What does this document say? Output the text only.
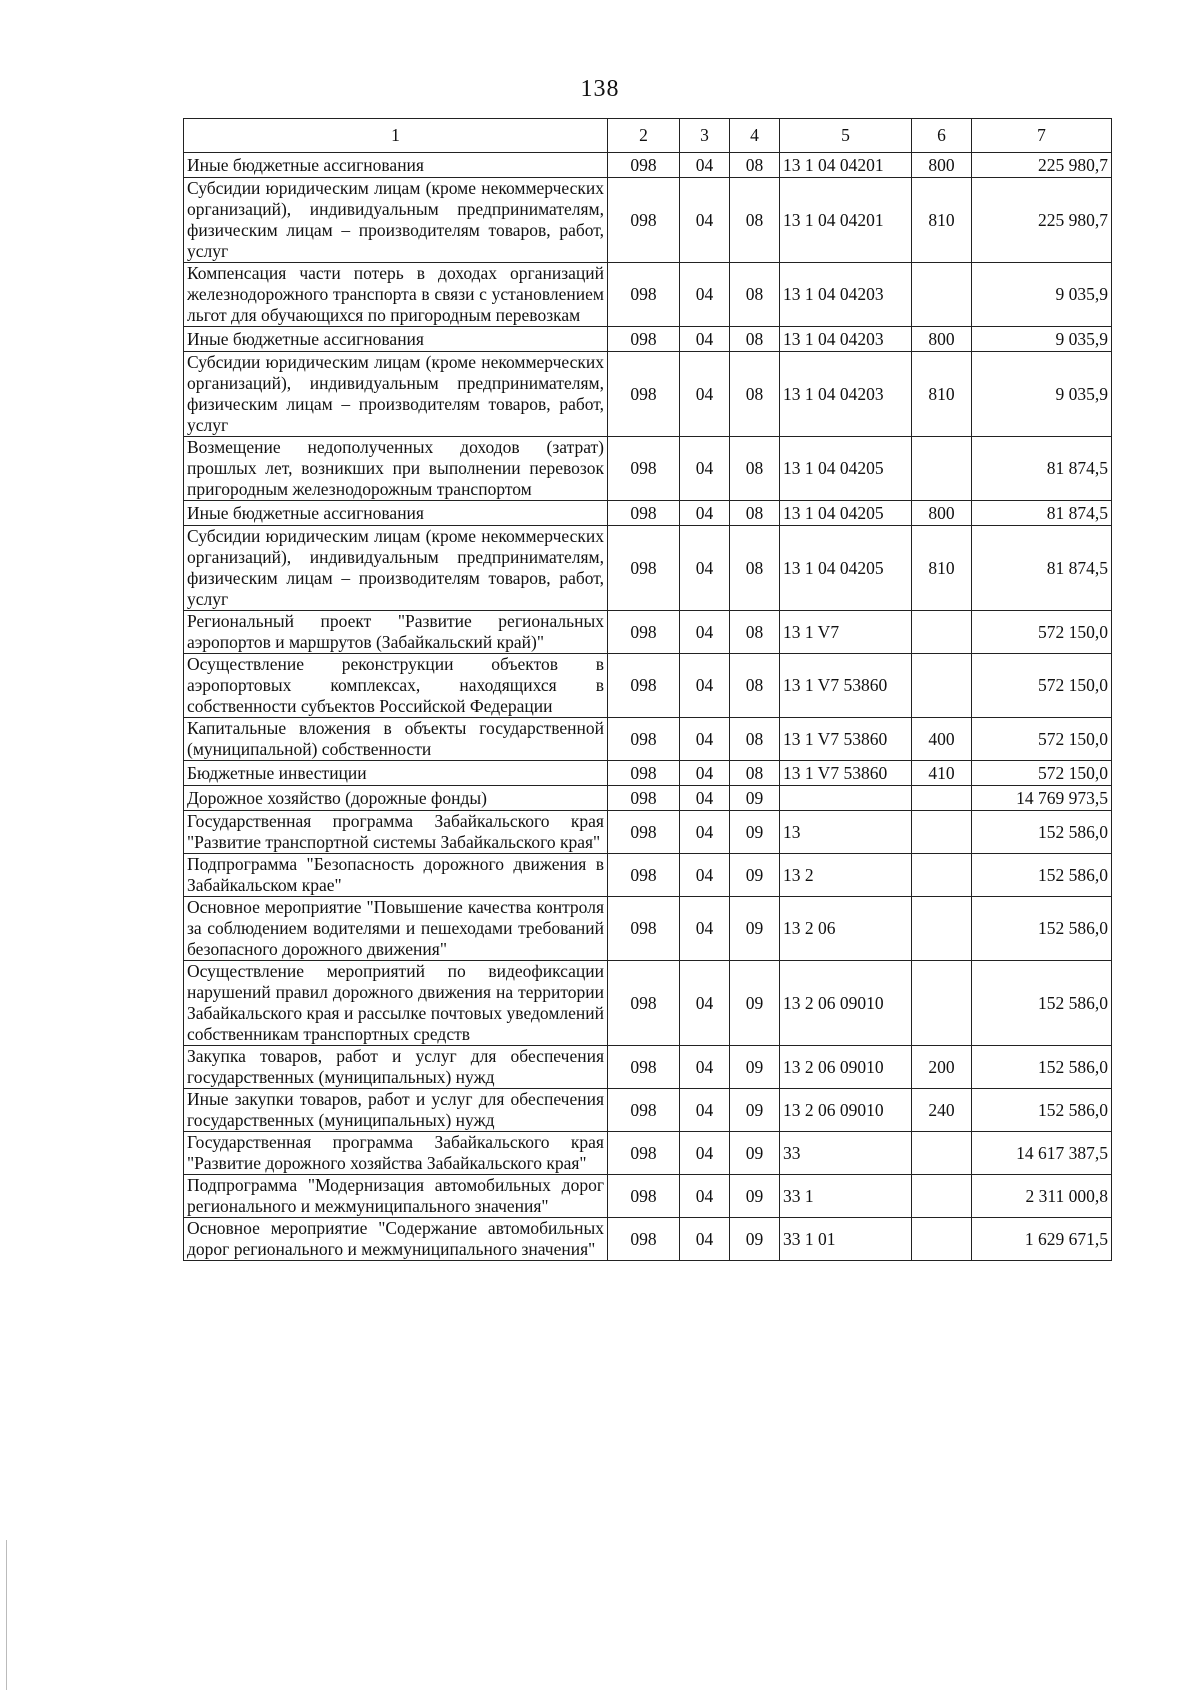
138
1	2	3	4	5	6	7
Иные бюджетные ассигнования	098	04	08	13 1 04 04201	800	225 980,7
Субсидии юридическим лицам (кроме некоммерческих организаций), индивидуальным предпринимателям, физическим лицам – производителям товаров, работ, услуг	098	04	08	13 1 04 04201	810	225 980,7
Компенсация части потерь в доходах организаций железнодорожного транспорта в связи с установлением льгот для обучающихся по пригородным перевозкам	098	04	08	13 1 04 04203		9 035,9
Иные бюджетные ассигнования	098	04	08	13 1 04 04203	800	9 035,9
Субсидии юридическим лицам (кроме некоммерческих организаций), индивидуальным предпринимателям, физическим лицам – производителям товаров, работ, услуг	098	04	08	13 1 04 04203	810	9 035,9
Возмещение недополученных доходов (затрат) прошлых лет, возникших при выполнении перевозок пригородным железнодорожным транспортом	098	04	08	13 1 04 04205		81 874,5
Иные бюджетные ассигнования	098	04	08	13 1 04 04205	800	81 874,5
Субсидии юридическим лицам (кроме некоммерческих организаций), индивидуальным предпринимателям, физическим лицам – производителям товаров, работ, услуг	098	04	08	13 1 04 04205	810	81 874,5
Региональный проект "Развитие региональных аэропортов и маршрутов (Забайкальский край)"	098	04	08	13 1 V7		572 150,0
Осуществление реконструкции объектов в аэропортовых комплексах, находящихся в собственности субъектов Российской Федерации	098	04	08	13 1 V7 53860		572 150,0
Капитальные вложения в объекты государственной (муниципальной) собственности	098	04	08	13 1 V7 53860	400	572 150,0
Бюджетные инвестиции	098	04	08	13 1 V7 53860	410	572 150,0
Дорожное хозяйство (дорожные фонды)	098	04	09			14 769 973,5
Государственная программа Забайкальского края "Развитие транспортной системы Забайкальского края"	098	04	09	13		152 586,0
Подпрограмма "Безопасность дорожного движения в Забайкальском крае"	098	04	09	13 2		152 586,0
Основное мероприятие "Повышение качества контроля за соблюдением водителями и пешеходами требований безопасного дорожного движения"	098	04	09	13 2 06		152 586,0
Осуществление мероприятий по видеофиксации нарушений правил дорожного движения на территории Забайкальского края и рассылке почтовых уведомлений собственникам транспортных средств	098	04	09	13 2 06 09010		152 586,0
Закупка товаров, работ и услуг для обеспечения государственных (муниципальных) нужд	098	04	09	13 2 06 09010	200	152 586,0
Иные закупки товаров, работ и услуг для обеспечения государственных (муниципальных) нужд	098	04	09	13 2 06 09010	240	152 586,0
Государственная программа Забайкальского края "Развитие дорожного хозяйства Забайкальского края"	098	04	09	33		14 617 387,5
Подпрограмма "Модернизация автомобильных дорог регионального и межмуниципального значения"	098	04	09	33 1		2 311 000,8
Основное мероприятие "Содержание автомобильных дорог регионального и межмуниципального значения"	098	04	09	33 1 01		1 629 671,5
